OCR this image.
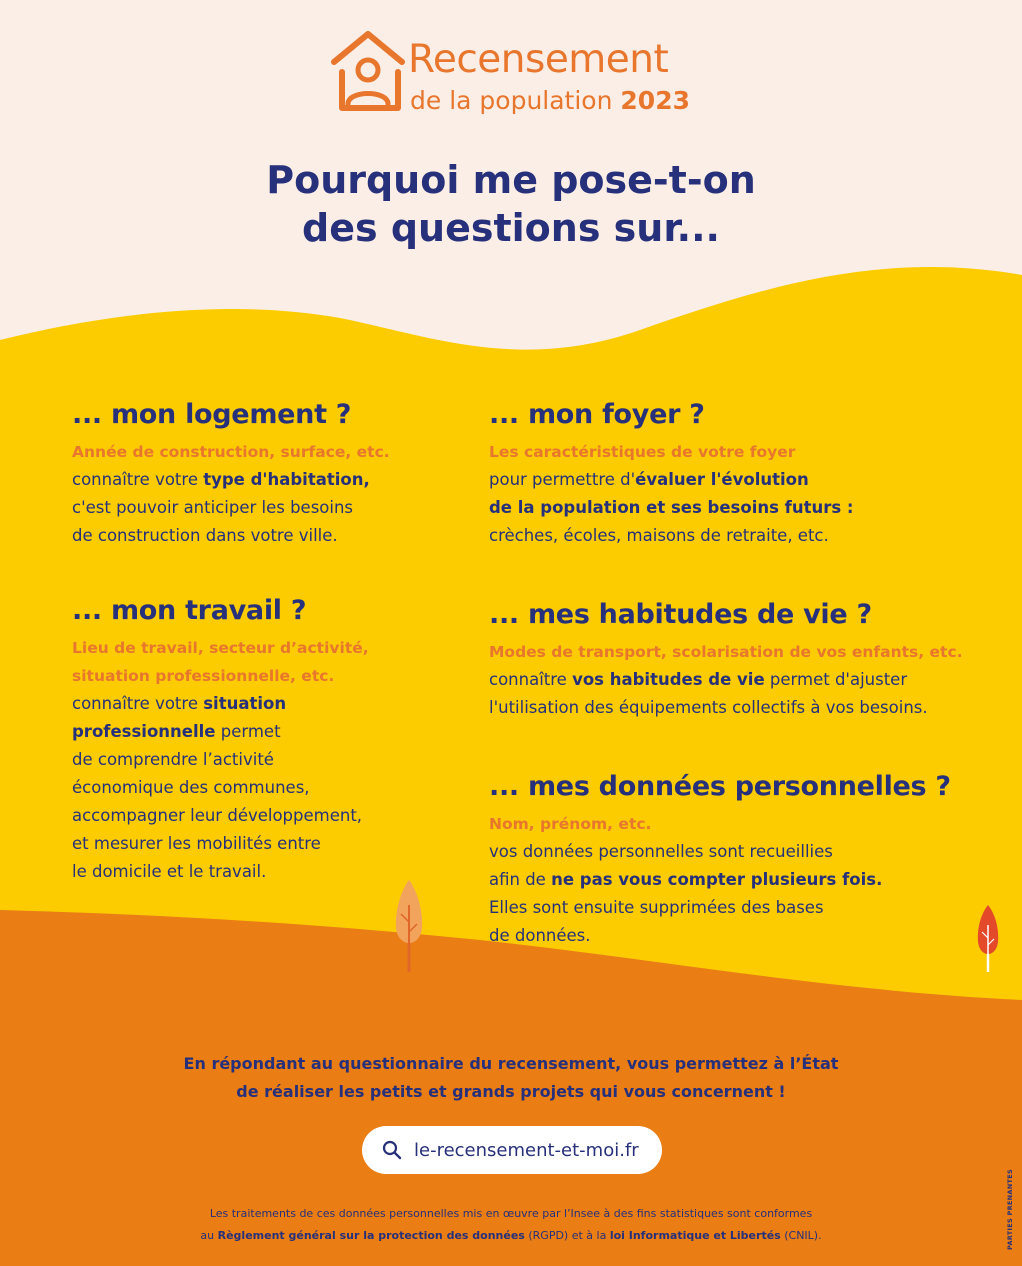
Recensement
de la population 2023
Pourquoi me pose-t-on
des questions sur...
... mon logement ?
Année de construction, surface, etc.
connaître votre type d'habitation,
c'est pouvoir anticiper les besoins
de construction dans votre ville.
... mon travail ?
Lieu de travail, secteur d’activité,
situation professionnelle, etc.
connaître votre situation
professionnelle permet
de comprendre l’activité
économique des communes,
accompagner leur développement,
et mesurer les mobilités entre
le domicile et le travail.
... mon foyer ?
Les caractéristiques de votre foyer
pour permettre d'évaluer l'évolution
de la population et ses besoins futurs :
crèches, écoles, maisons de retraite, etc.
... mes habitudes de vie ?
Modes de transport, scolarisation de vos enfants, etc.
connaître vos habitudes de vie permet d'ajuster
l'utilisation des équipements collectifs à vos besoins.
... mes données personnelles ?
Nom, prénom, etc.
vos données personnelles sont recueillies
afin de ne pas vous compter plusieurs fois.
Elles sont ensuite supprimées des bases
de données.
En répondant au questionnaire du recensement, vous permettez à l’État
de réaliser les petits et grands projets qui vous concernent !
le-recensement-et-moi.fr
Les traitements de ces données personnelles mis en œuvre par l’Insee à des fins statistiques sont conformes
au Règlement général sur la protection des données (RGPD) et à la loi Informatique et Libertés (CNIL).	PARTIES PRENANTES
